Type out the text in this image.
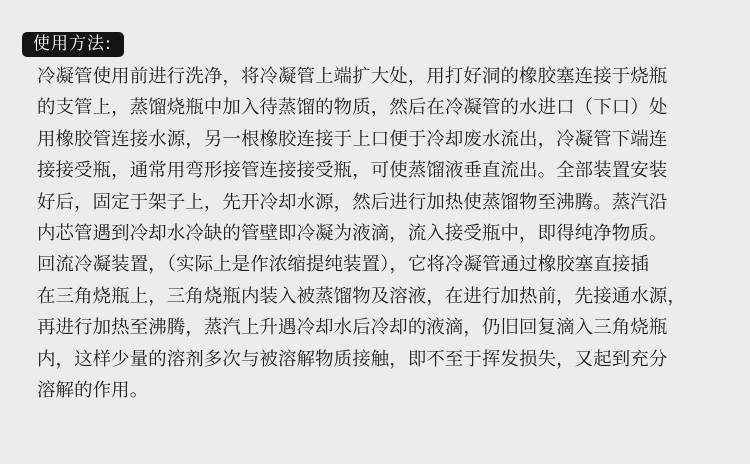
使用方法:
冷凝管使用前进行洗净，将冷凝管上端扩大处，用打好洞的橡胶塞连接于烧瓶
的支管上，蒸馏烧瓶中加入待蒸馏的物质，然后在冷凝管的水进口（下口）处
用橡胶管连接水源，另一根橡胶连接于上口便于冷却废水流出，冷凝管下端连
接接受瓶，通常用弯形接管连接接受瓶，可使蒸馏液垂直流出。全部装置安装
好后，固定于架子上，先开冷却水源，然后进行加热使蒸馏物至沸腾。蒸汽沿
内芯管遇到冷却水冷缺的管壁即冷凝为液滴，流入接受瓶中，即得纯净物质。
回流冷凝装置，（实际上是作浓缩提纯装置），它将冷凝管通过橡胶塞直接插
在三角烧瓶上，三角烧瓶内装入被蒸馏物及溶液，在进行加热前，先接通水源，
再进行加热至沸腾，蒸汽上升遇冷却水后冷却的液滴，仍旧回复滴入三角烧瓶
内，这样少量的溶剂多次与被溶解物质接触，即不至于挥发损失，又起到充分
溶解的作用。
